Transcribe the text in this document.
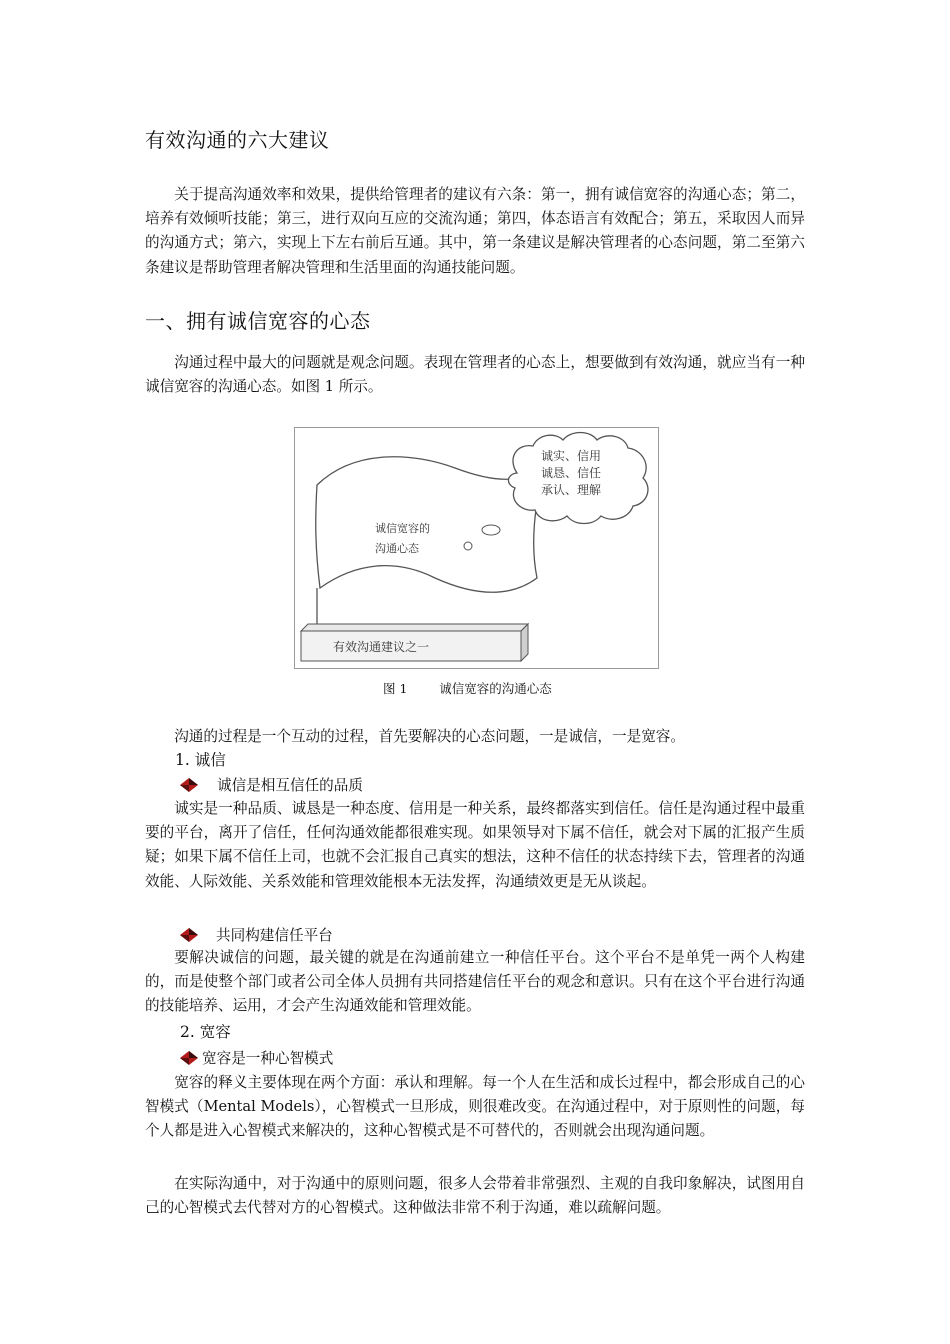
有效沟通的六大建议

关于提高沟通效率和效果，提供给管理者的建议有六条：第一，拥有诚信宽容的沟通心态；第二，培养有效倾听技能；第三，进行双向互应的交流沟通；第四，体态语言有效配合；第五，采取因人而异的沟通方式；第六，实现上下左右前后互通。其中，第一条建议是解决管理者的心态问题，第二至第六条建议是帮助管理者解决管理和生活里面的沟通技能问题。

一、拥有诚信宽容的心态

沟通过程中最大的问题就是观念问题。表现在管理者的心态上，想要做到有效沟通，就应当有一种诚信宽容的沟通心态。如图 1 所示。

诚实、信用
诚恳、信任
承认、理解
诚信宽容的
沟通心态
有效沟通建议之一
图 1	诚信宽容的沟通心态

沟通的过程是一个互动的过程，首先要解决的心态问题，一是诚信，一是宽容。

1. 诚信
诚信是相互信任的品质

诚实是一种品质、诚恳是一种态度、信用是一种关系，最终都落实到信任。信任是沟通过程中最重要的平台，离开了信任，任何沟通效能都很难实现。如果领导对下属不信任，就会对下属的汇报产生质疑；如果下属不信任上司，也就不会汇报自己真实的想法，这种不信任的状态持续下去，管理者的沟通效能、人际效能、关系效能和管理效能根本无法发挥，沟通绩效更是无从谈起。

共同构建信任平台

要解决诚信的问题，最关键的就是在沟通前建立一种信任平台。这个平台不是单凭一两个人构建的，而是使整个部门或者公司全体人员拥有共同搭建信任平台的观念和意识。只有在这个平台进行沟通的技能培养、运用，才会产生沟通效能和管理效能。

2. 宽容
宽容是一种心智模式

宽容的释义主要体现在两个方面：承认和理解。每一个人在生活和成长过程中，都会形成自己的心智模式（Mental Models），心智模式一旦形成，则很难改变。在沟通过程中，对于原则性的问题，每个人都是进入心智模式来解决的，这种心智模式是不可替代的，否则就会出现沟通问题。

在实际沟通中，对于沟通中的原则问题，很多人会带着非常强烈、主观的自我印象解决，试图用自己的心智模式去代替对方的心智模式。这种做法非常不利于沟通，难以疏解问题。
